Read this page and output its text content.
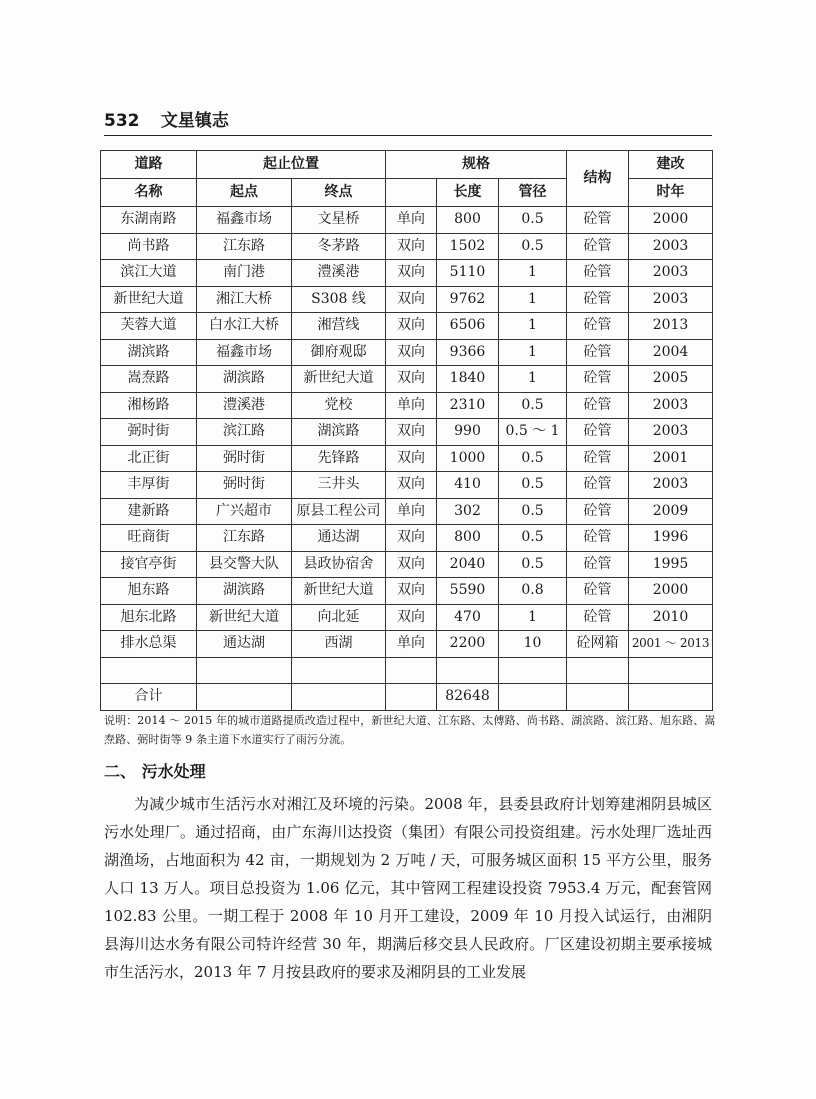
532 文星镇志
道路	起止位置		规格			结构	建改
名称	起点	终点		长度	管径		时年
东湖南路	福鑫市场	文星桥	单向	800	0.5	砼管	2000
尚书路	江东路	冬茅路	双向	1502	0.5	砼管	2003
滨江大道	南门港	澧溪港	双向	5110	1	砼管	2003
新世纪大道	湘江大桥	S308 线	双向	9762	1	砼管	2003
芙蓉大道	白水江大桥	湘营线	双向	6506	1	砼管	2013
湖滨路	福鑫市场	御府观邸	双向	9366	1	砼管	2004
嵩焘路	湖滨路	新世纪大道	双向	1840	1	砼管	2005
湘杨路	澧溪港	党校	单向	2310	0.5	砼管	2003
弼时街	滨江路	湖滨路	双向	990	0.5 ～ 1	砼管	2003
北正街	弼时街	先锋路	双向	1000	0.5	砼管	2001
丰厚街	弼时街	三井头	双向	410	0.5	砼管	2003
建新路	广兴超市	原县工程公司	单向	302	0.5	砼管	2009
旺商街	江东路	通达湖	双向	800	0.5	砼管	1996
接官亭街	县交警大队	县政协宿舍	双向	2040	0.5	砼管	1995
旭东路	湖滨路	新世纪大道	双向	5590	0.8	砼管	2000
旭东北路	新世纪大道	向北延	双向	470	1	砼管	2010
排水总渠	通达湖	西湖	单向	2200	10	砼网箱	2001 ～ 2013

合计				82648			
说明：2014 ～ 2015 年的城市道路提质改造过程中，新世纪大道、江东路、太傅路、尚书路、湖滨路、滨江路、旭东路、嵩焘路、弼时街等 9 条主道下水道实行了雨污分流。
二、 污水处理

为减少城市生活污水对湘江及环境的污染。2008 年，县委县政府计划筹建湘阴县城区污水处理厂。通过招商，由广东海川达投资（集团）有限公司投资组建。污水处理厂选址西湖渔场，占地面积为 42 亩，一期规划为 2 万吨 / 天，可服务城区面积 15 平方公里，服务人口 13 万人。项目总投资为 1.06 亿元，其中管网工程建设投资 7953.4 万元，配套管网 102.83 公里。一期工程于 2008 年 10 月开工建设，2009 年 10 月投入试运行，由湘阴县海川达水务有限公司特许经营 30 年，期满后移交县人民政府。厂区建设初期主要承接城市生活污水，2013 年 7 月按县政府的要求及湘阴县的工业发展
